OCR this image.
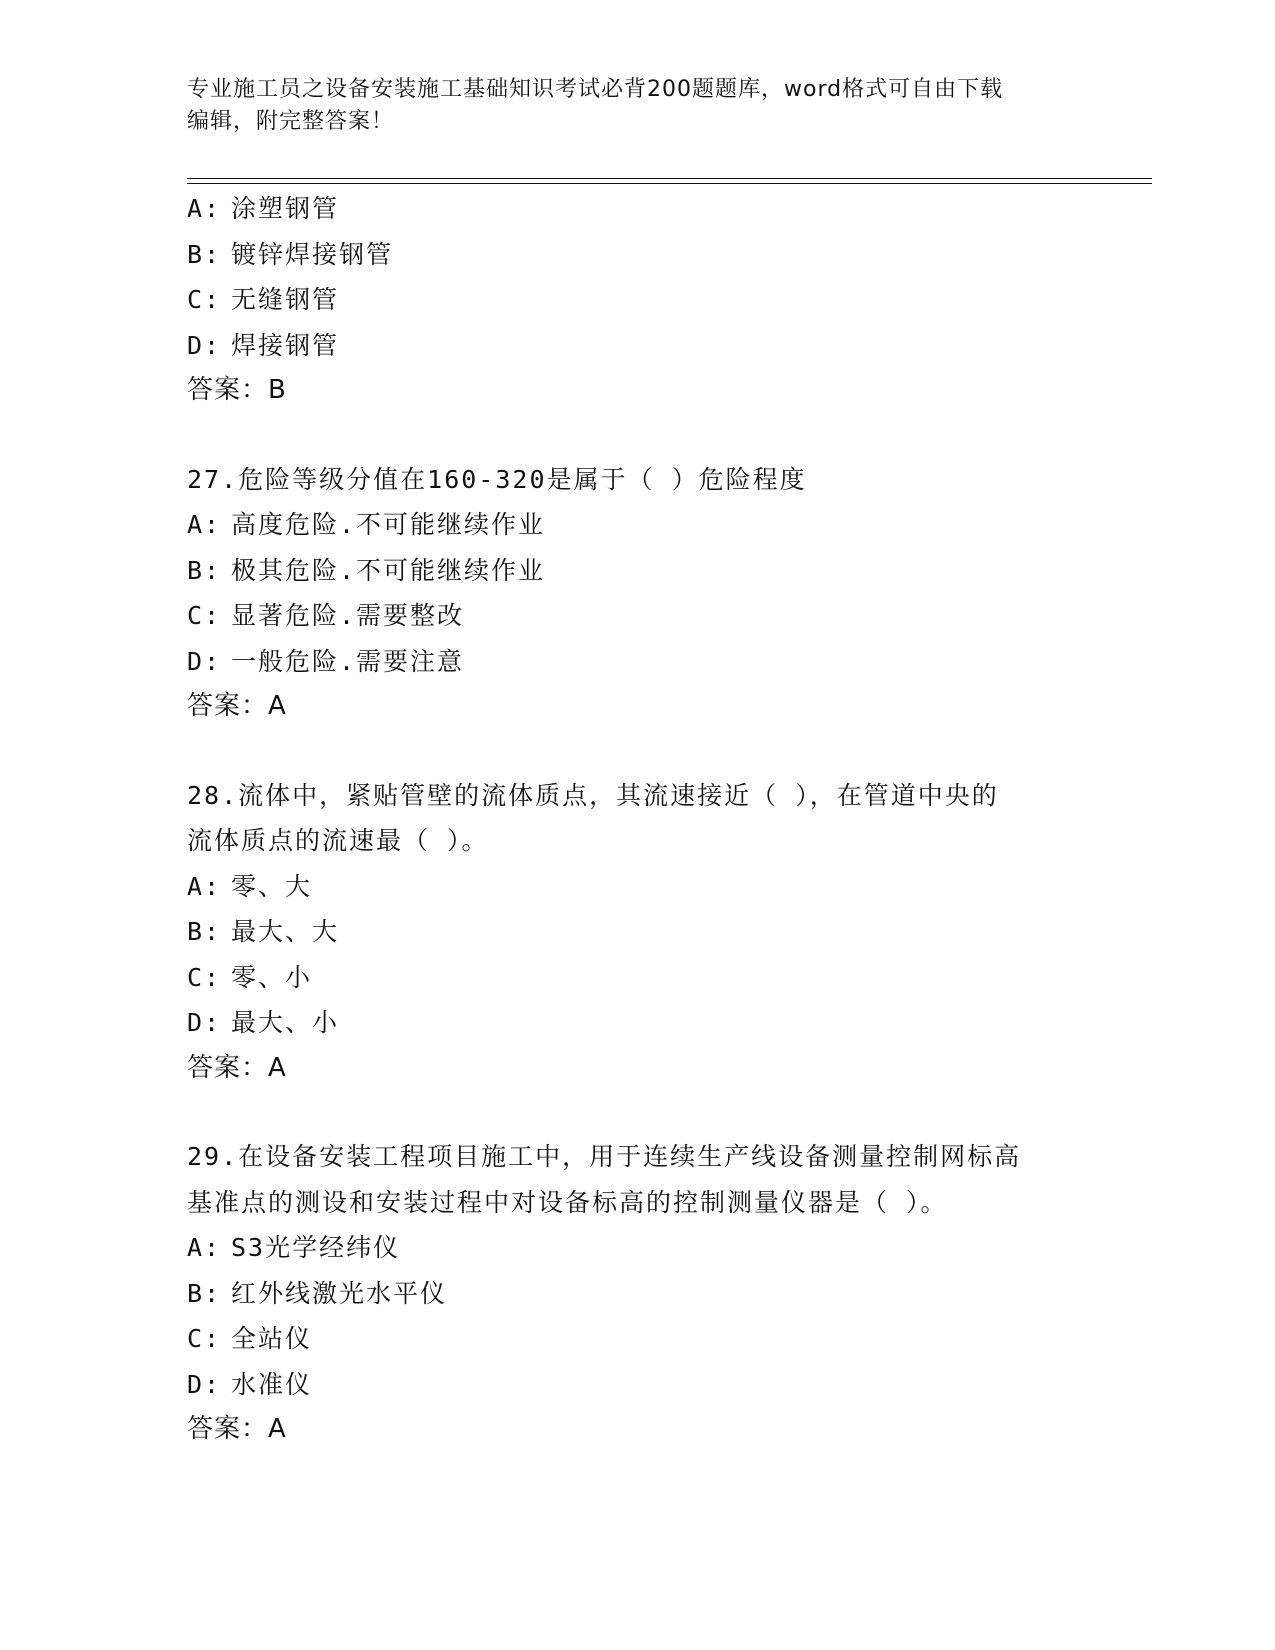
专业施工员之设备安装施工基础知识考试必背200题题库，word格式可自由下载
编辑，附完整答案！
A: 涂塑钢管
B: 镀锌焊接钢管
C: 无缝钢管
D: 焊接钢管
答案：B
27.危险等级分值在160-320是属于（ ）危险程度
A: 高度危险.不可能继续作业
B: 极其危险.不可能继续作业
C: 显著危险.需要整改
D: 一般危险.需要注意
答案：A
28.流体中，紧贴管壁的流体质点，其流速接近（ ），在管道中央的
流体质点的流速最（ ）。
A: 零、大
B: 最大、大
C: 零、小
D: 最大、小
答案：A
29.在设备安装工程项目施工中，用于连续生产线设备测量控制网标高
基准点的测设和安装过程中对设备标高的控制测量仪器是（ ）。
A: S3光学经纬仪
B: 红外线激光水平仪
C: 全站仪
D: 水准仪
答案：A
